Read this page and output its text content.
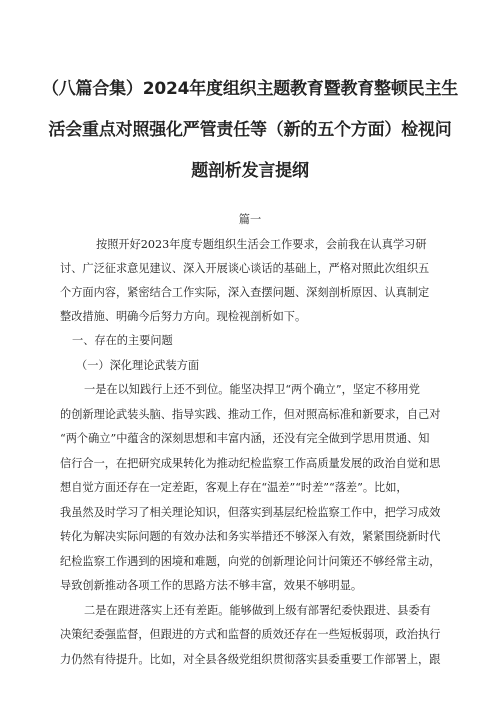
（八篇合集）2024年度组织主题教育暨教育整顿民主生
活会重点对照强化严管责任等（新的五个方面）检视问
题剖析发言提纲

篇一

按照开好2023年度专题组织生活会工作要求，会前我在认真学习研

讨、广泛征求意见建议、深入开展谈心谈话的基础上，严格对照此次组织五

个方面内容，紧密结合工作实际，深入查摆问题、深刻剖析原因、认真制定

整改措施、明确今后努力方向。现检视剖析如下。

一、存在的主要问题

（一）深化理论武装方面

一是在以知践行上还不到位。能坚决捍卫“两个确立”，坚定不移用党

的创新理论武装头脑、指导实践、推动工作，但对照高标准和新要求，自己对

“两个确立”中蕴含的深刻思想和丰富内涵，还没有完全做到学思用贯通、知

信行合一，在把研究成果转化为推动纪检监察工作高质量发展的政治自觉和思

想自觉方面还存在一定差距，客观上存在“温差”“时差”“落差”。比如，

我虽然及时学习了相关理论知识，但落实到基层纪检监察工作中，把学习成效

转化为解决实际问题的有效办法和务实举措还不够深入有效，紧紧围绕新时代

纪检监察工作遇到的困境和难题，向党的创新理论问计问策还不够经常主动，

导致创新推动各项工作的思路方法不够丰富，效果不够明显。

二是在跟进落实上还有差距。能够做到上级有部署纪委快跟进、县委有

决策纪委强监督，但跟进的方式和监督的质效还存在一些短板弱项，政治执行

力仍然有待提升。比如，对全县各级党组织贯彻落实县委重要工作部署上，跟
